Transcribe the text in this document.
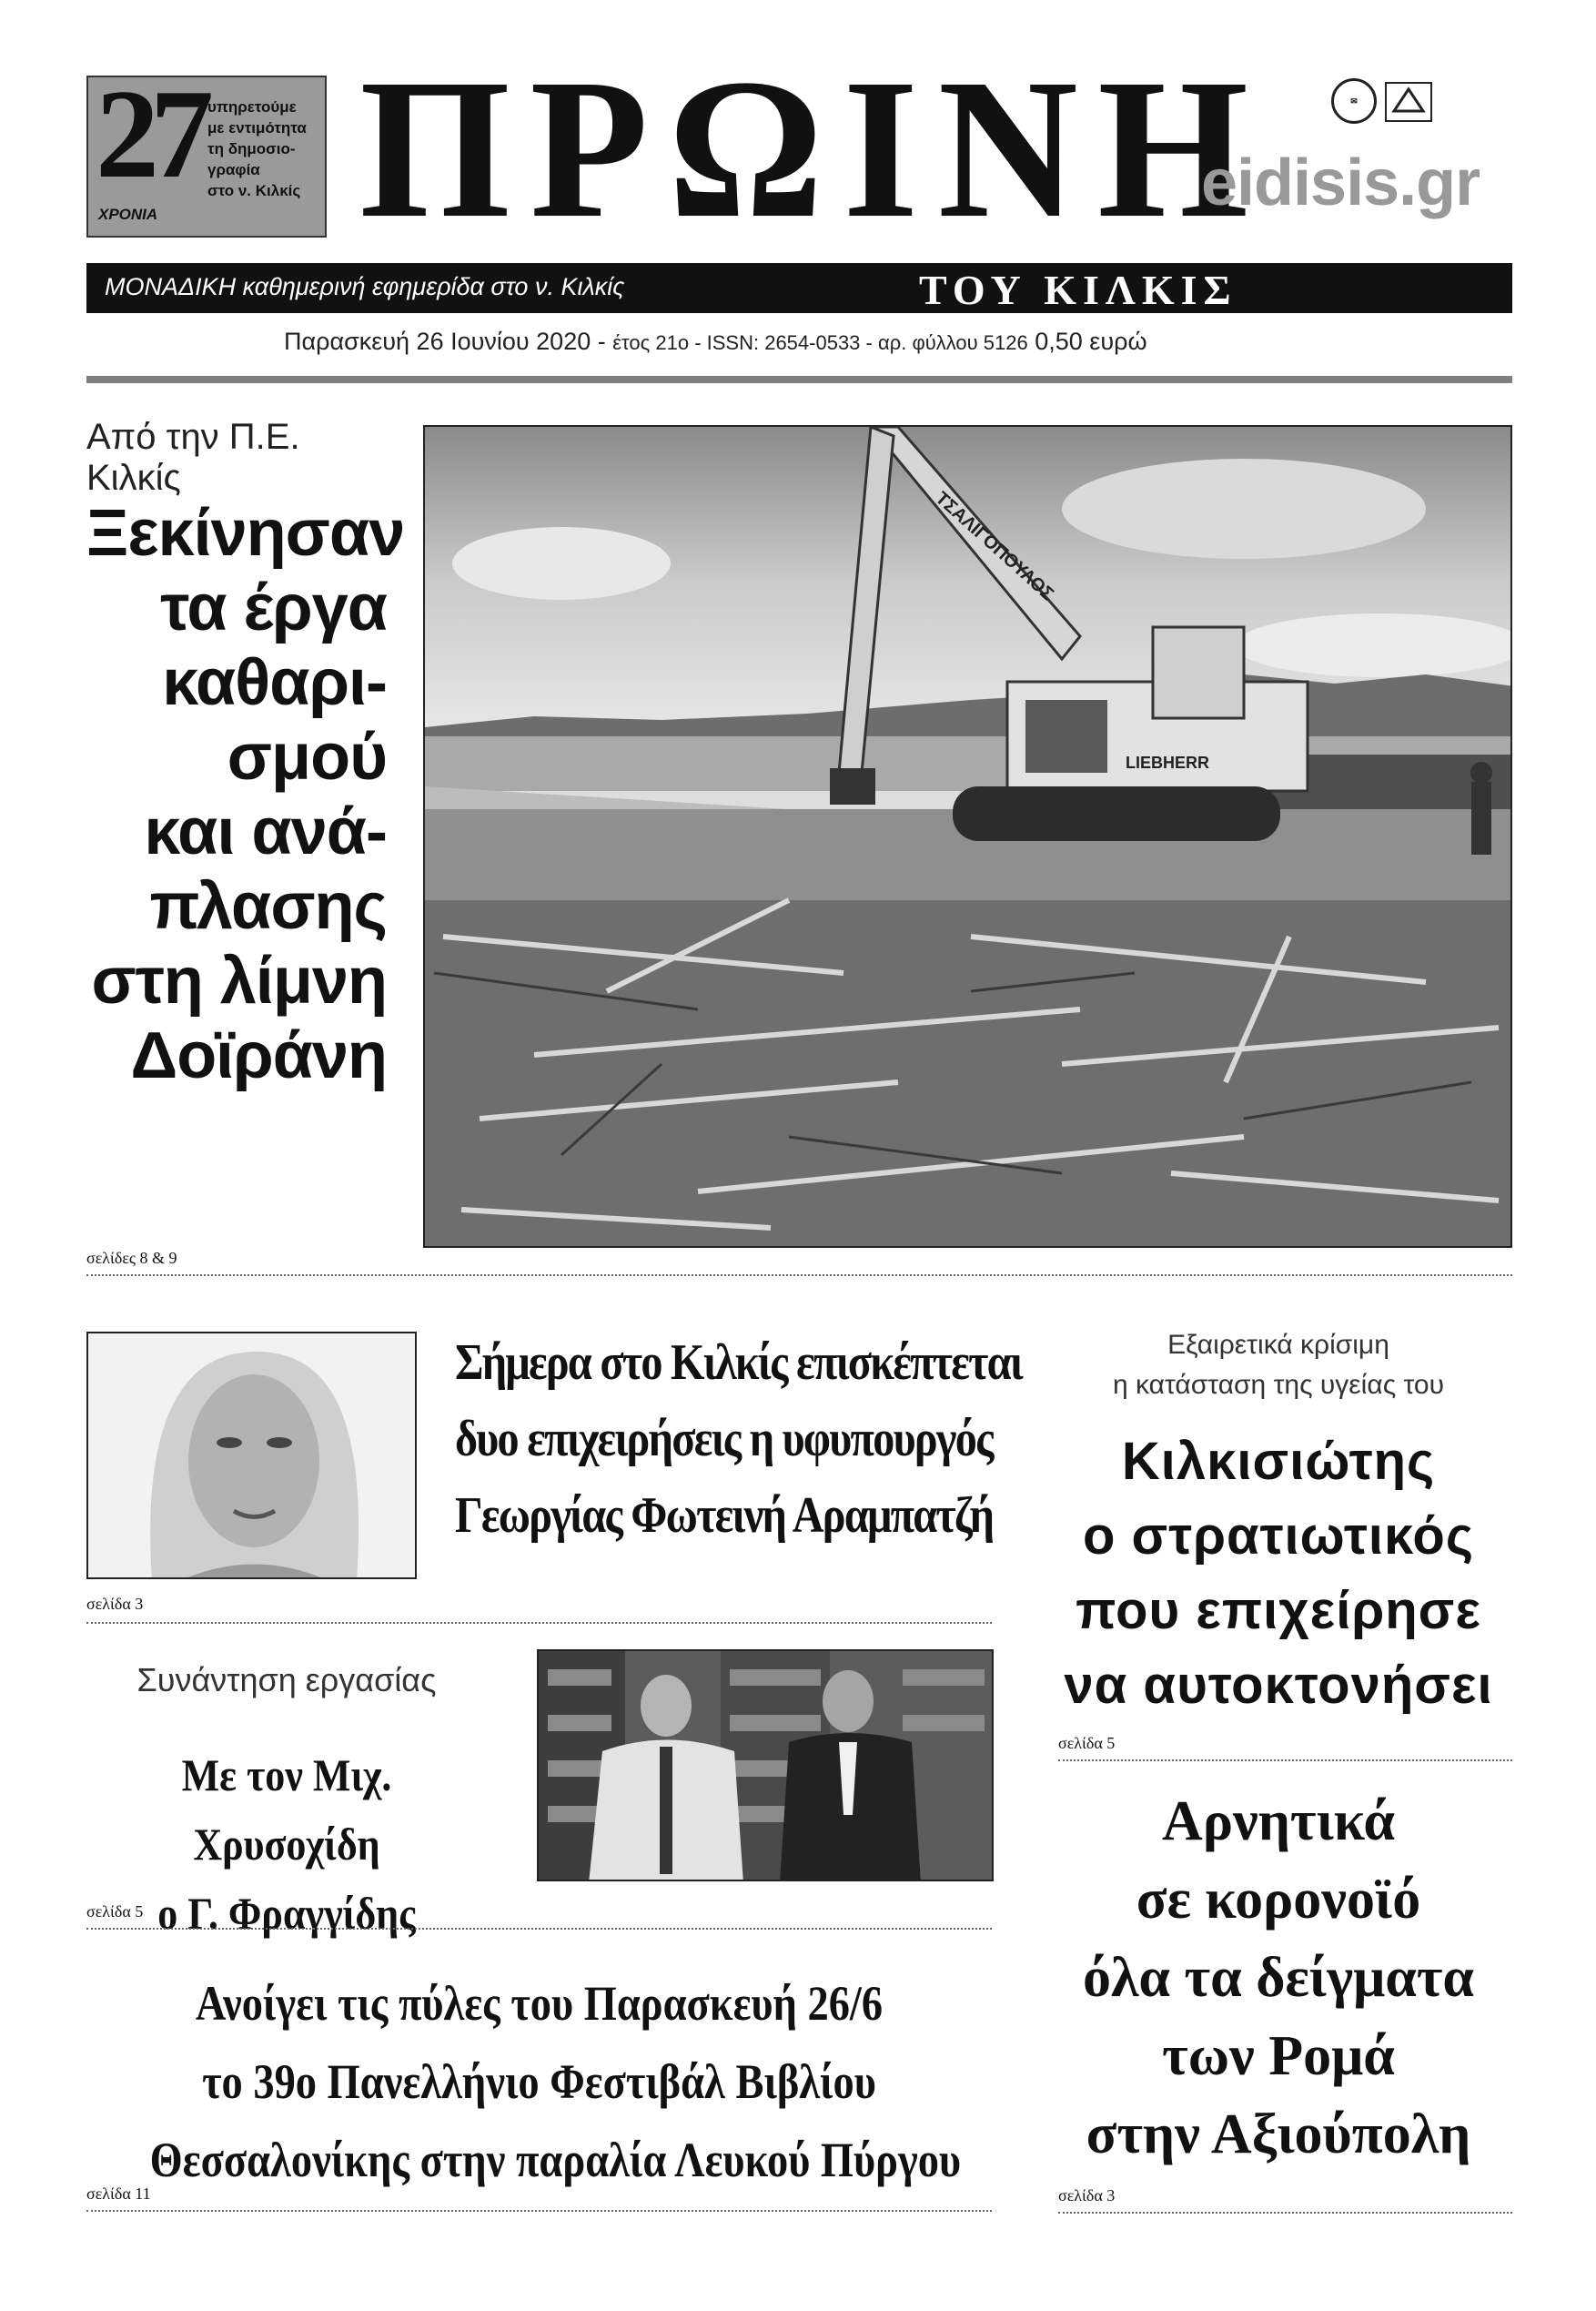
27
ΧΡΟΝΙΑ
υπηρετούμε
με εντιμότητα
τη δημοσιο-
γραφία
στο ν. Κιλκίς ΠΡΩΙΝΗ	✉
eidisis.gr
ΜΟΝΑΔΙΚΗ καθημερινή εφημερίδα στο ν. Κιλκίς	ΤΟΥ ΚΙΛΚΙΣ
Παρασκευή 26 Ιουνίου 2020 - έτος 21ο - ISSN: 2654-0533 - αρ. φύλλου 5126 0,50 ευρώ
Από την Π.Ε. Κιλκίς
Ξεκίνησαν
τα έργα
καθαρι-
σμού
και ανά-
πλασης
στη λίμνη
Δοϊράνη
ΤΣΑΛΙΓΟΠΟΥΛΟΣ
LIEBHERR
σελίδες 8 & 9
Σήμερα στο Κιλκίς επισκέπτεται
δυο επιχειρήσεις η υφυπουργός
Γεωργίας Φωτεινή Αραμπατζή
σελίδα 3
Συνάντηση εργασίας
Με τον Μιχ. Χρυσοχίδη
ο Γ. Φραγγίδης
σελίδα 5
Ανοίγει τις πύλες του Παρασκευή 26/6
το 39ο Πανελλήνιο Φεστιβάλ Βιβλίου
Θεσσαλονίκης στην παραλία Λευκού Πύργου
σελίδα 11
Εξαιρετικά κρίσιμη
η κατάσταση της υγείας του
Κιλκισιώτης
ο στρατιωτικός
που επιχείρησε
να αυτοκτονήσει
σελίδα 5
Αρνητικά
σε κορονοϊό
όλα τα δείγματα
των Ρομά
στην Αξιούπολη
σελίδα 3
